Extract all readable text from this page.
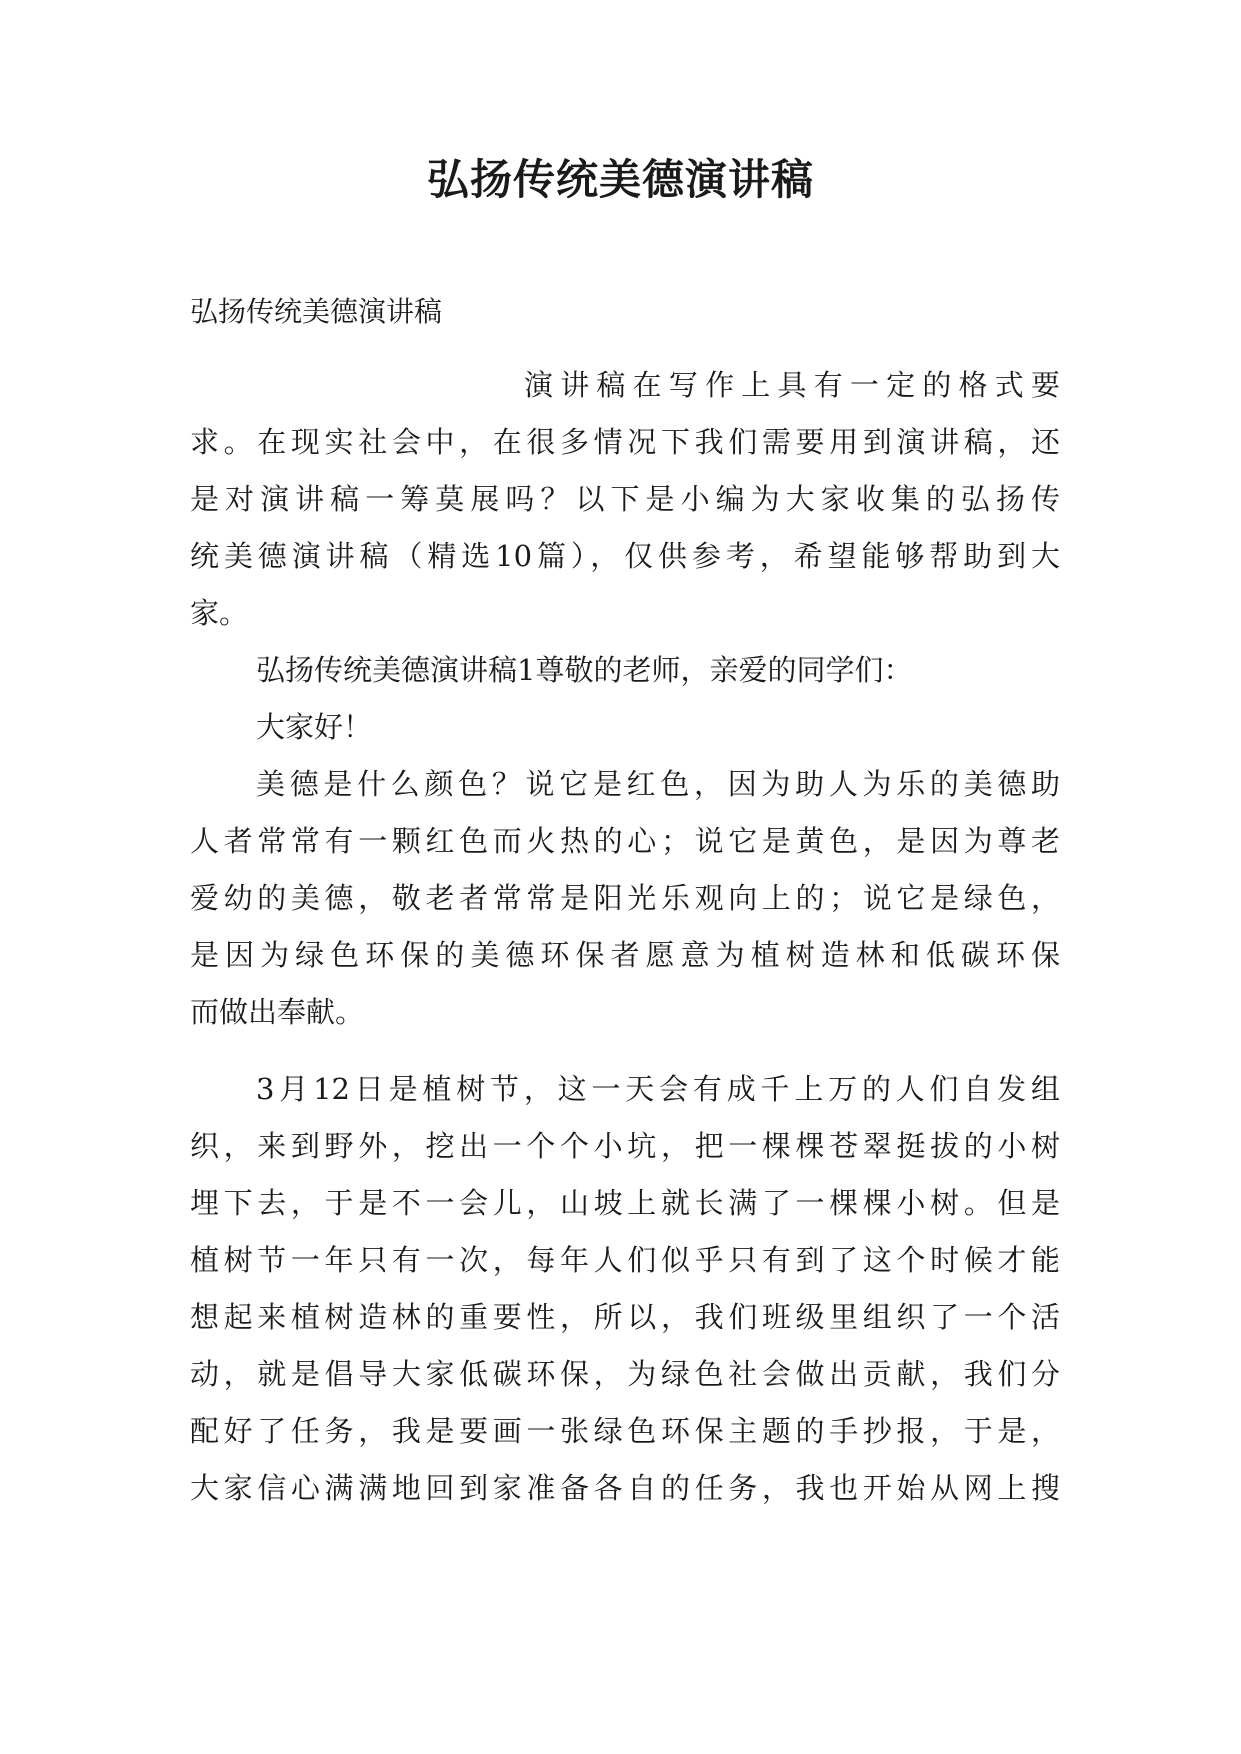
弘扬传统美德演讲稿

弘扬传统美德演讲稿

演讲稿在写作上具有一定的格式要

求。在现实社会中，在很多情况下我们需要用到演讲稿，还

是对演讲稿一筹莫展吗？以下是小编为大家收集的弘扬传

统美德演讲稿（精选10篇），仅供参考，希望能够帮助到大

家。

弘扬传统美德演讲稿1尊敬的老师，亲爱的同学们：

大家好！

美德是什么颜色？说它是红色，因为助人为乐的美德助

人者常常有一颗红色而火热的心；说它是黄色，是因为尊老

爱幼的美德，敬老者常常是阳光乐观向上的；说它是绿色，

是因为绿色环保的美德环保者愿意为植树造林和低碳环保

而做出奉献。

3月12日是植树节，这一天会有成千上万的人们自发组

织，来到野外，挖出一个个小坑，把一棵棵苍翠挺拔的小树

埋下去，于是不一会儿，山坡上就长满了一棵棵小树。但是

植树节一年只有一次，每年人们似乎只有到了这个时候才能

想起来植树造林的重要性，所以，我们班级里组织了一个活

动，就是倡导大家低碳环保，为绿色社会做出贡献，我们分

配好了任务，我是要画一张绿色环保主题的手抄报，于是，

大家信心满满地回到家准备各自的任务，我也开始从网上搜
